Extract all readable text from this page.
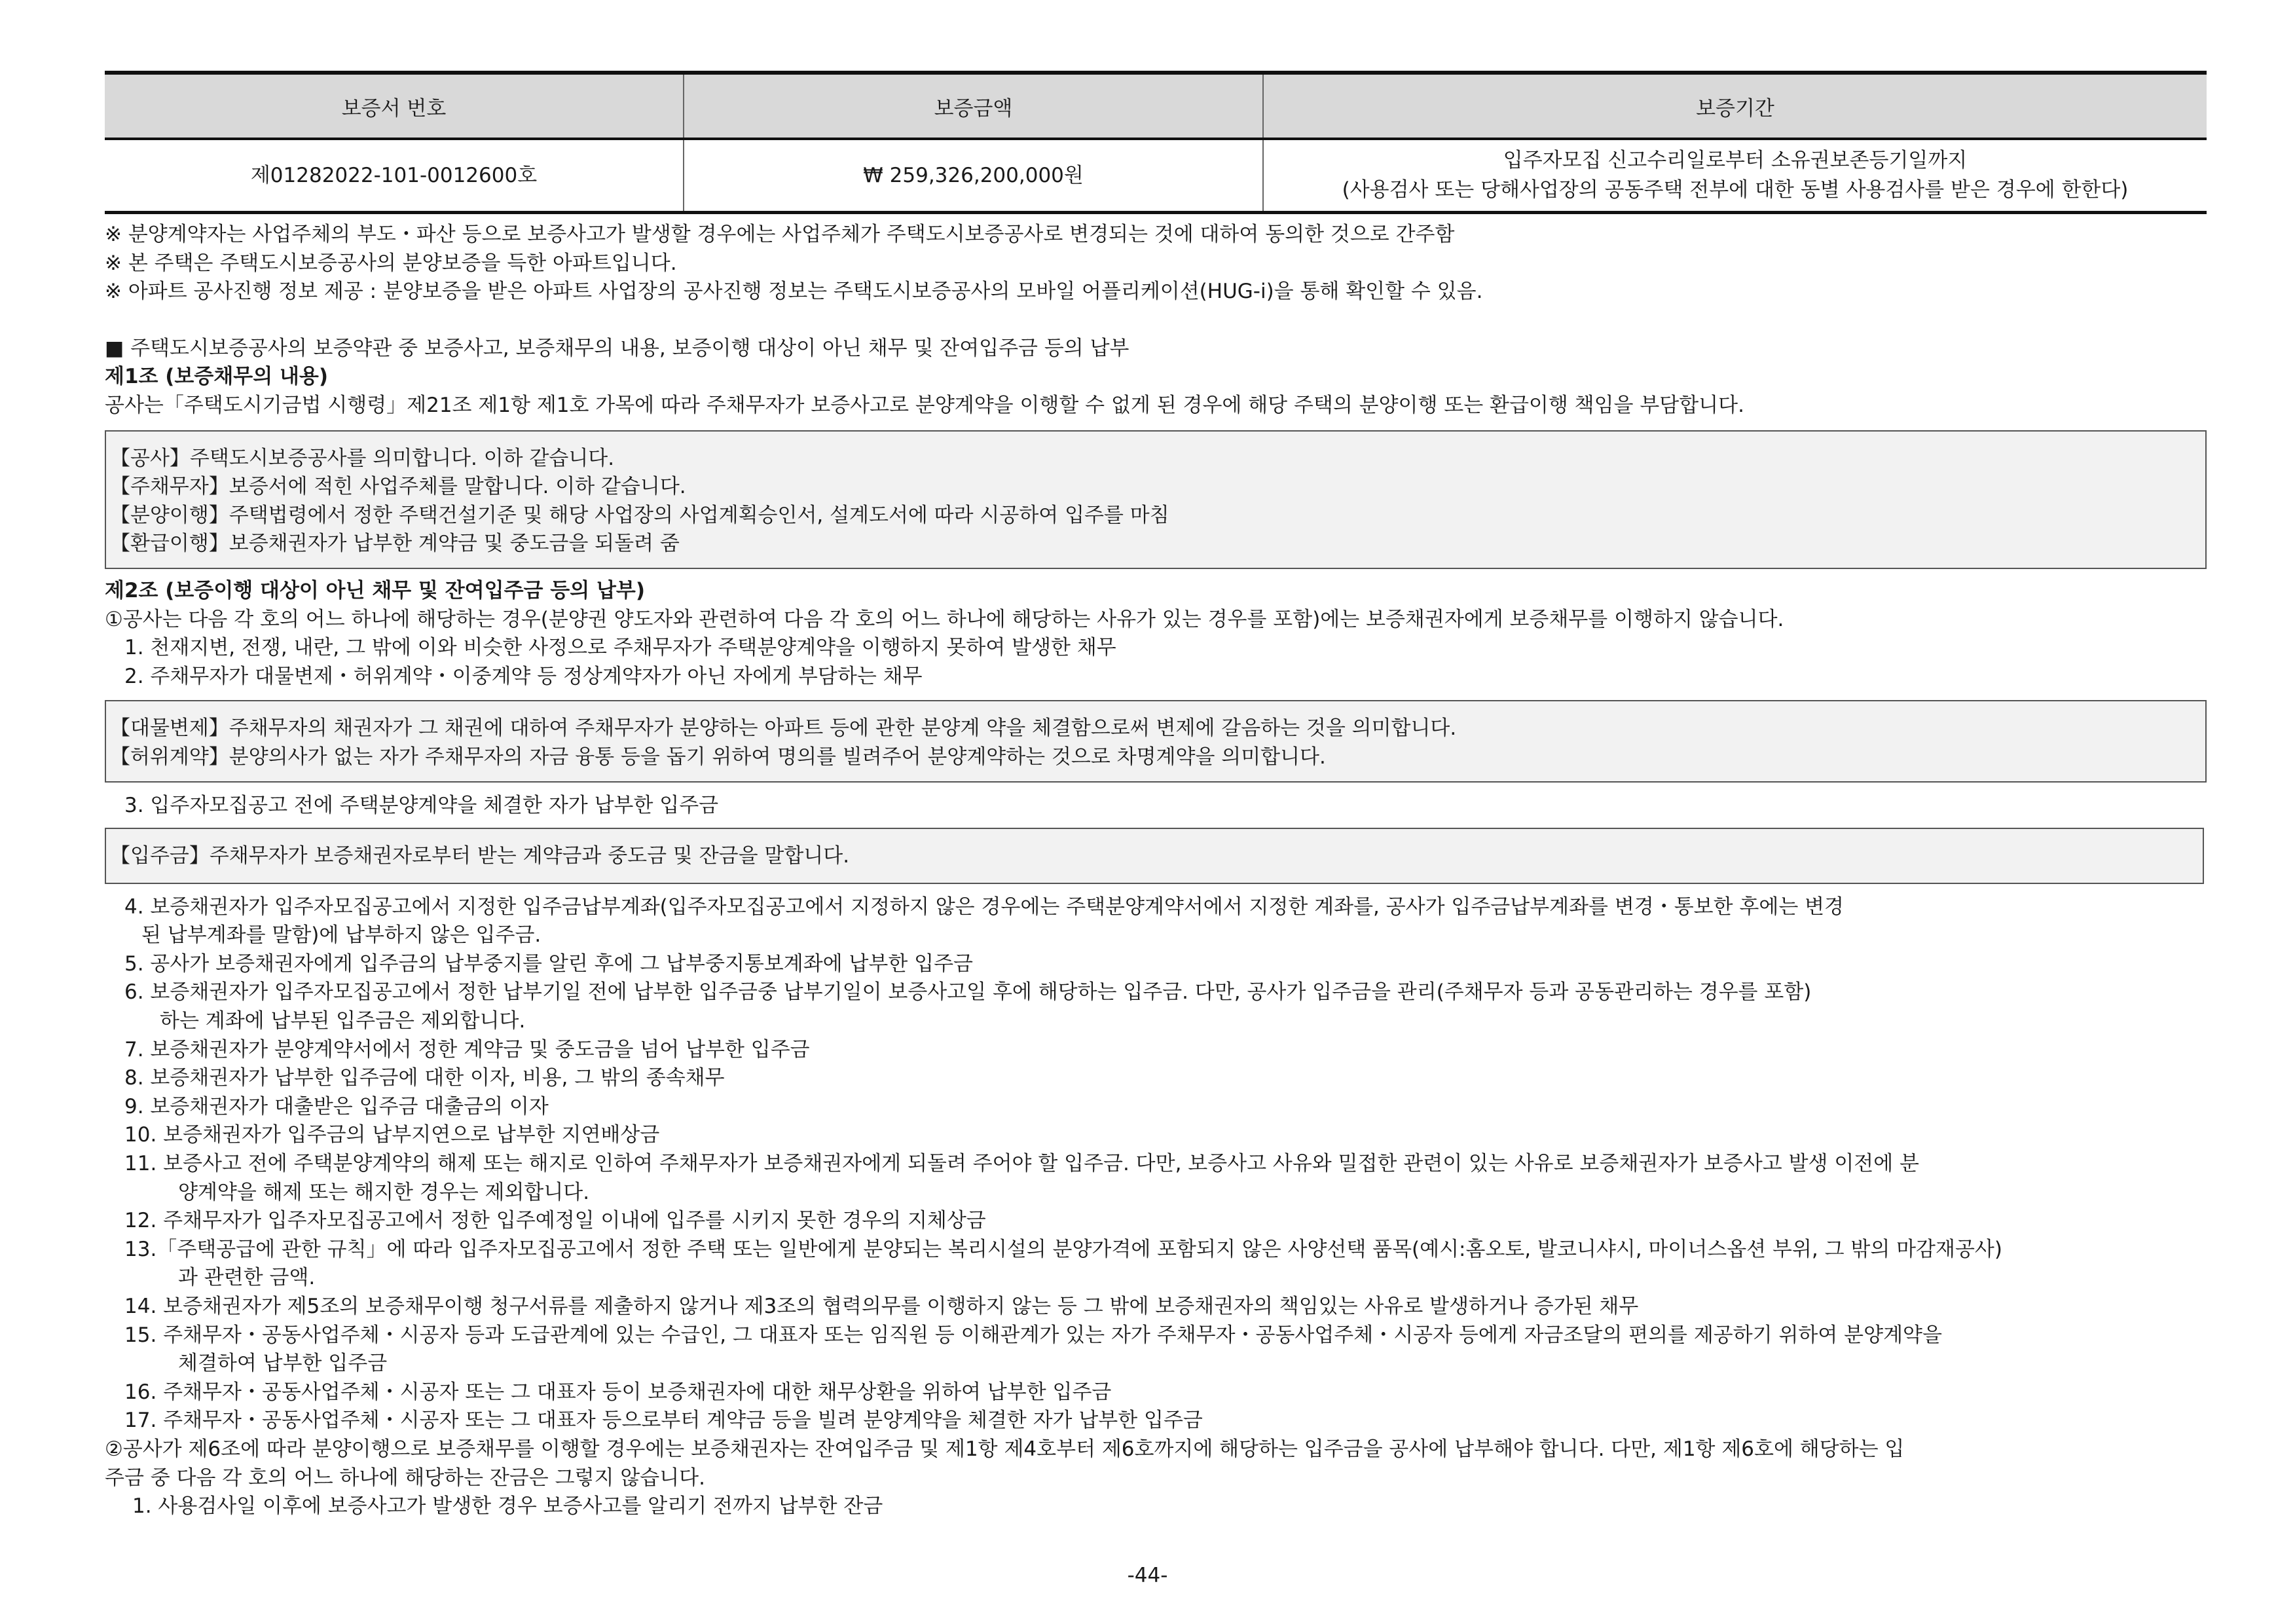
보증서 번호	보증금액	보증기간
제01282022-101-0012600호	₩ 259,326,200,000원	입주자모집 신고수리일로부터 소유권보존등기일까지
(사용검사 또는 당해사업장의 공동주택 전부에 대한 동별 사용검사를 받은 경우에 한한다)
※ 분양계약자는 사업주체의 부도・파산 등으로 보증사고가 발생할 경우에는 사업주체가 주택도시보증공사로 변경되는 것에 대하여 동의한 것으로 간주함
※ 본 주택은 주택도시보증공사의 분양보증을 득한 아파트입니다.
※ 아파트 공사진행 정보 제공 : 분양보증을 받은 아파트 사업장의 공사진행 정보는 주택도시보증공사의 모바일 어플리케이션(HUG-i)을 통해 확인할 수 있음.
■ 주택도시보증공사의 보증약관 중 보증사고, 보증채무의 내용, 보증이행 대상이 아닌 채무 및 잔여입주금 등의 납부
제1조 (보증채무의 내용)
공사는「주택도시기금법 시행령」제21조 제1항 제1호 가목에 따라 주채무자가 보증사고로 분양계약을 이행할 수 없게 된 경우에 해당 주택의 분양이행 또는 환급이행 책임을 부담합니다.
【공사】주택도시보증공사를 의미합니다. 이하 같습니다.
【주채무자】보증서에 적힌 사업주체를 말합니다. 이하 같습니다.
【분양이행】주택법령에서 정한 주택건설기준 및 해당 사업장의 사업계획승인서, 설계도서에 따라 시공하여 입주를 마침
【환급이행】보증채권자가 납부한 계약금 및 중도금을 되돌려 줌
제2조 (보증이행 대상이 아닌 채무 및 잔여입주금 등의 납부)
①공사는 다음 각 호의 어느 하나에 해당하는 경우(분양권 양도자와 관련하여 다음 각 호의 어느 하나에 해당하는 사유가 있는 경우를 포함)에는 보증채권자에게 보증채무를 이행하지 않습니다.
1. 천재지변, 전쟁, 내란, 그 밖에 이와 비슷한 사정으로 주채무자가 주택분양계약을 이행하지 못하여 발생한 채무
2. 주채무자가 대물변제・허위계약・이중계약 등 정상계약자가 아닌 자에게 부담하는 채무
【대물변제】주채무자의 채권자가 그 채권에 대하여 주채무자가 분양하는 아파트 등에 관한 분양계 약을 체결함으로써 변제에 갈음하는 것을 의미합니다.
【허위계약】분양의사가 없는 자가 주채무자의 자금 융통 등을 돕기 위하여 명의를 빌려주어 분양계약하는 것으로 차명계약을 의미합니다.
3. 입주자모집공고 전에 주택분양계약을 체결한 자가 납부한 입주금
【입주금】주채무자가 보증채권자로부터 받는 계약금과 중도금 및 잔금을 말합니다.
4. 보증채권자가 입주자모집공고에서 지정한 입주금납부계좌(입주자모집공고에서 지정하지 않은 경우에는 주택분양계약서에서 지정한 계좌를, 공사가 입주금납부계좌를 변경・통보한 후에는 변경
된 납부계좌를 말함)에 납부하지 않은 입주금.
5. 공사가 보증채권자에게 입주금의 납부중지를 알린 후에 그 납부중지통보계좌에 납부한 입주금
6. 보증채권자가 입주자모집공고에서 정한 납부기일 전에 납부한 입주금중 납부기일이 보증사고일 후에 해당하는 입주금. 다만, 공사가 입주금을 관리(주채무자 등과 공동관리하는 경우를 포함)
하는 계좌에 납부된 입주금은 제외합니다.
7. 보증채권자가 분양계약서에서 정한 계약금 및 중도금을 넘어 납부한 입주금
8. 보증채권자가 납부한 입주금에 대한 이자, 비용, 그 밖의 종속채무
9. 보증채권자가 대출받은 입주금 대출금의 이자
10. 보증채권자가 입주금의 납부지연으로 납부한 지연배상금
11. 보증사고 전에 주택분양계약의 해제 또는 해지로 인하여 주채무자가 보증채권자에게 되돌려 주어야 할 입주금. 다만, 보증사고 사유와 밀접한 관련이 있는 사유로 보증채권자가 보증사고 발생 이전에 분
양계약을 해제 또는 해지한 경우는 제외합니다.
12. 주채무자가 입주자모집공고에서 정한 입주예정일 이내에 입주를 시키지 못한 경우의 지체상금
13.「주택공급에 관한 규칙」에 따라 입주자모집공고에서 정한 주택 또는 일반에게 분양되는 복리시설의 분양가격에 포함되지 않은 사양선택 품목(예시:홈오토, 발코니샤시, 마이너스옵션 부위, 그 밖의 마감재공사)
과 관련한 금액.
14. 보증채권자가 제5조의 보증채무이행 청구서류를 제출하지 않거나 제3조의 협력의무를 이행하지 않는 등 그 밖에 보증채권자의 책임있는 사유로 발생하거나 증가된 채무
15. 주채무자・공동사업주체・시공자 등과 도급관계에 있는 수급인, 그 대표자 또는 임직원 등 이해관계가 있는 자가 주채무자・공동사업주체・시공자 등에게 자금조달의 편의를 제공하기 위하여 분양계약을
체결하여 납부한 입주금
16. 주채무자・공동사업주체・시공자 또는 그 대표자 등이 보증채권자에 대한 채무상환을 위하여 납부한 입주금
17. 주채무자・공동사업주체・시공자 또는 그 대표자 등으로부터 계약금 등을 빌려 분양계약을 체결한 자가 납부한 입주금
②공사가 제6조에 따라 분양이행으로 보증채무를 이행할 경우에는 보증채권자는 잔여입주금 및 제1항 제4호부터 제6호까지에 해당하는 입주금을 공사에 납부해야 합니다. 다만, 제1항 제6호에 해당하는 입
주금 중 다음 각 호의 어느 하나에 해당하는 잔금은 그렇지 않습니다.
1. 사용검사일 이후에 보증사고가 발생한 경우 보증사고를 알리기 전까지 납부한 잔금
-44-
